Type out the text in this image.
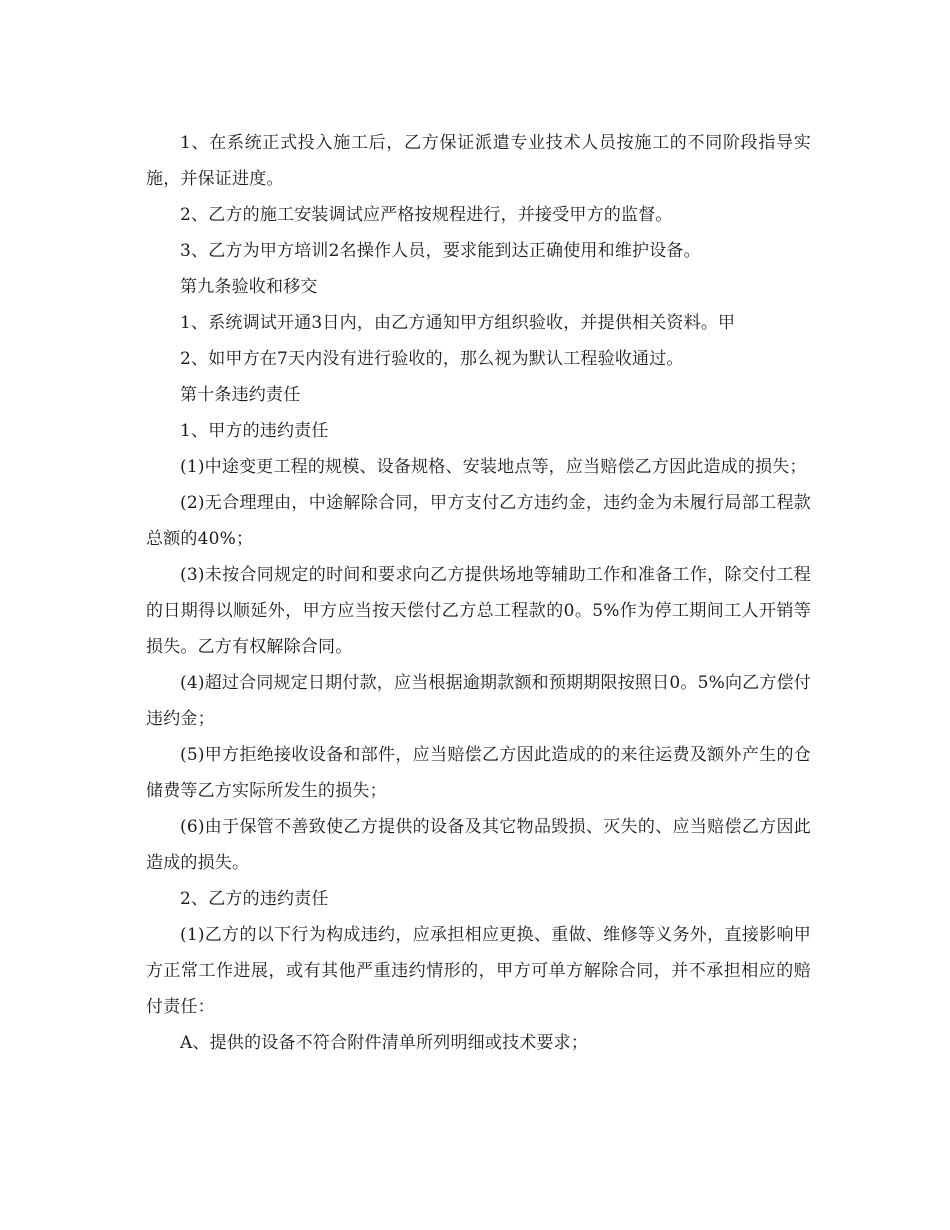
1、在系统正式投入施工后，乙方保证派遣专业技术人员按施工的不同阶段指导实施，并保证进度。

2、乙方的施工安装调试应严格按规程进行，并接受甲方的监督。

3、乙方为甲方培训2名操作人员，要求能到达正确使用和维护设备。

第九条验收和移交

1、系统调试开通3日内，由乙方通知甲方组织验收，并提供相关资料。甲

2、如甲方在7天内没有进行验收的，那么视为默认工程验收通过。

第十条违约责任

1、甲方的违约责任

(1)中途变更工程的规模、设备规格、安装地点等，应当赔偿乙方因此造成的损失；

(2)无合理理由，中途解除合同，甲方支付乙方违约金，违约金为未履行局部工程款总额的40%；

(3)未按合同规定的时间和要求向乙方提供场地等辅助工作和准备工作，除交付工程的日期得以顺延外，甲方应当按天偿付乙方总工程款的0。5%作为停工期间工人开销等损失。乙方有权解除合同。

(4)超过合同规定日期付款，应当根据逾期款额和预期期限按照日0。5%向乙方偿付违约金；

(5)甲方拒绝接收设备和部件，应当赔偿乙方因此造成的的来往运费及额外产生的仓储费等乙方实际所发生的损失；

(6)由于保管不善致使乙方提供的设备及其它物品毁损、灭失的、应当赔偿乙方因此造成的损失。

2、乙方的违约责任

(1)乙方的以下行为构成违约，应承担相应更换、重做、维修等义务外，直接影响甲方正常工作进展，或有其他严重违约情形的，甲方可单方解除合同，并不承担相应的赔付责任：

A、提供的设备不符合附件清单所列明细或技术要求；
